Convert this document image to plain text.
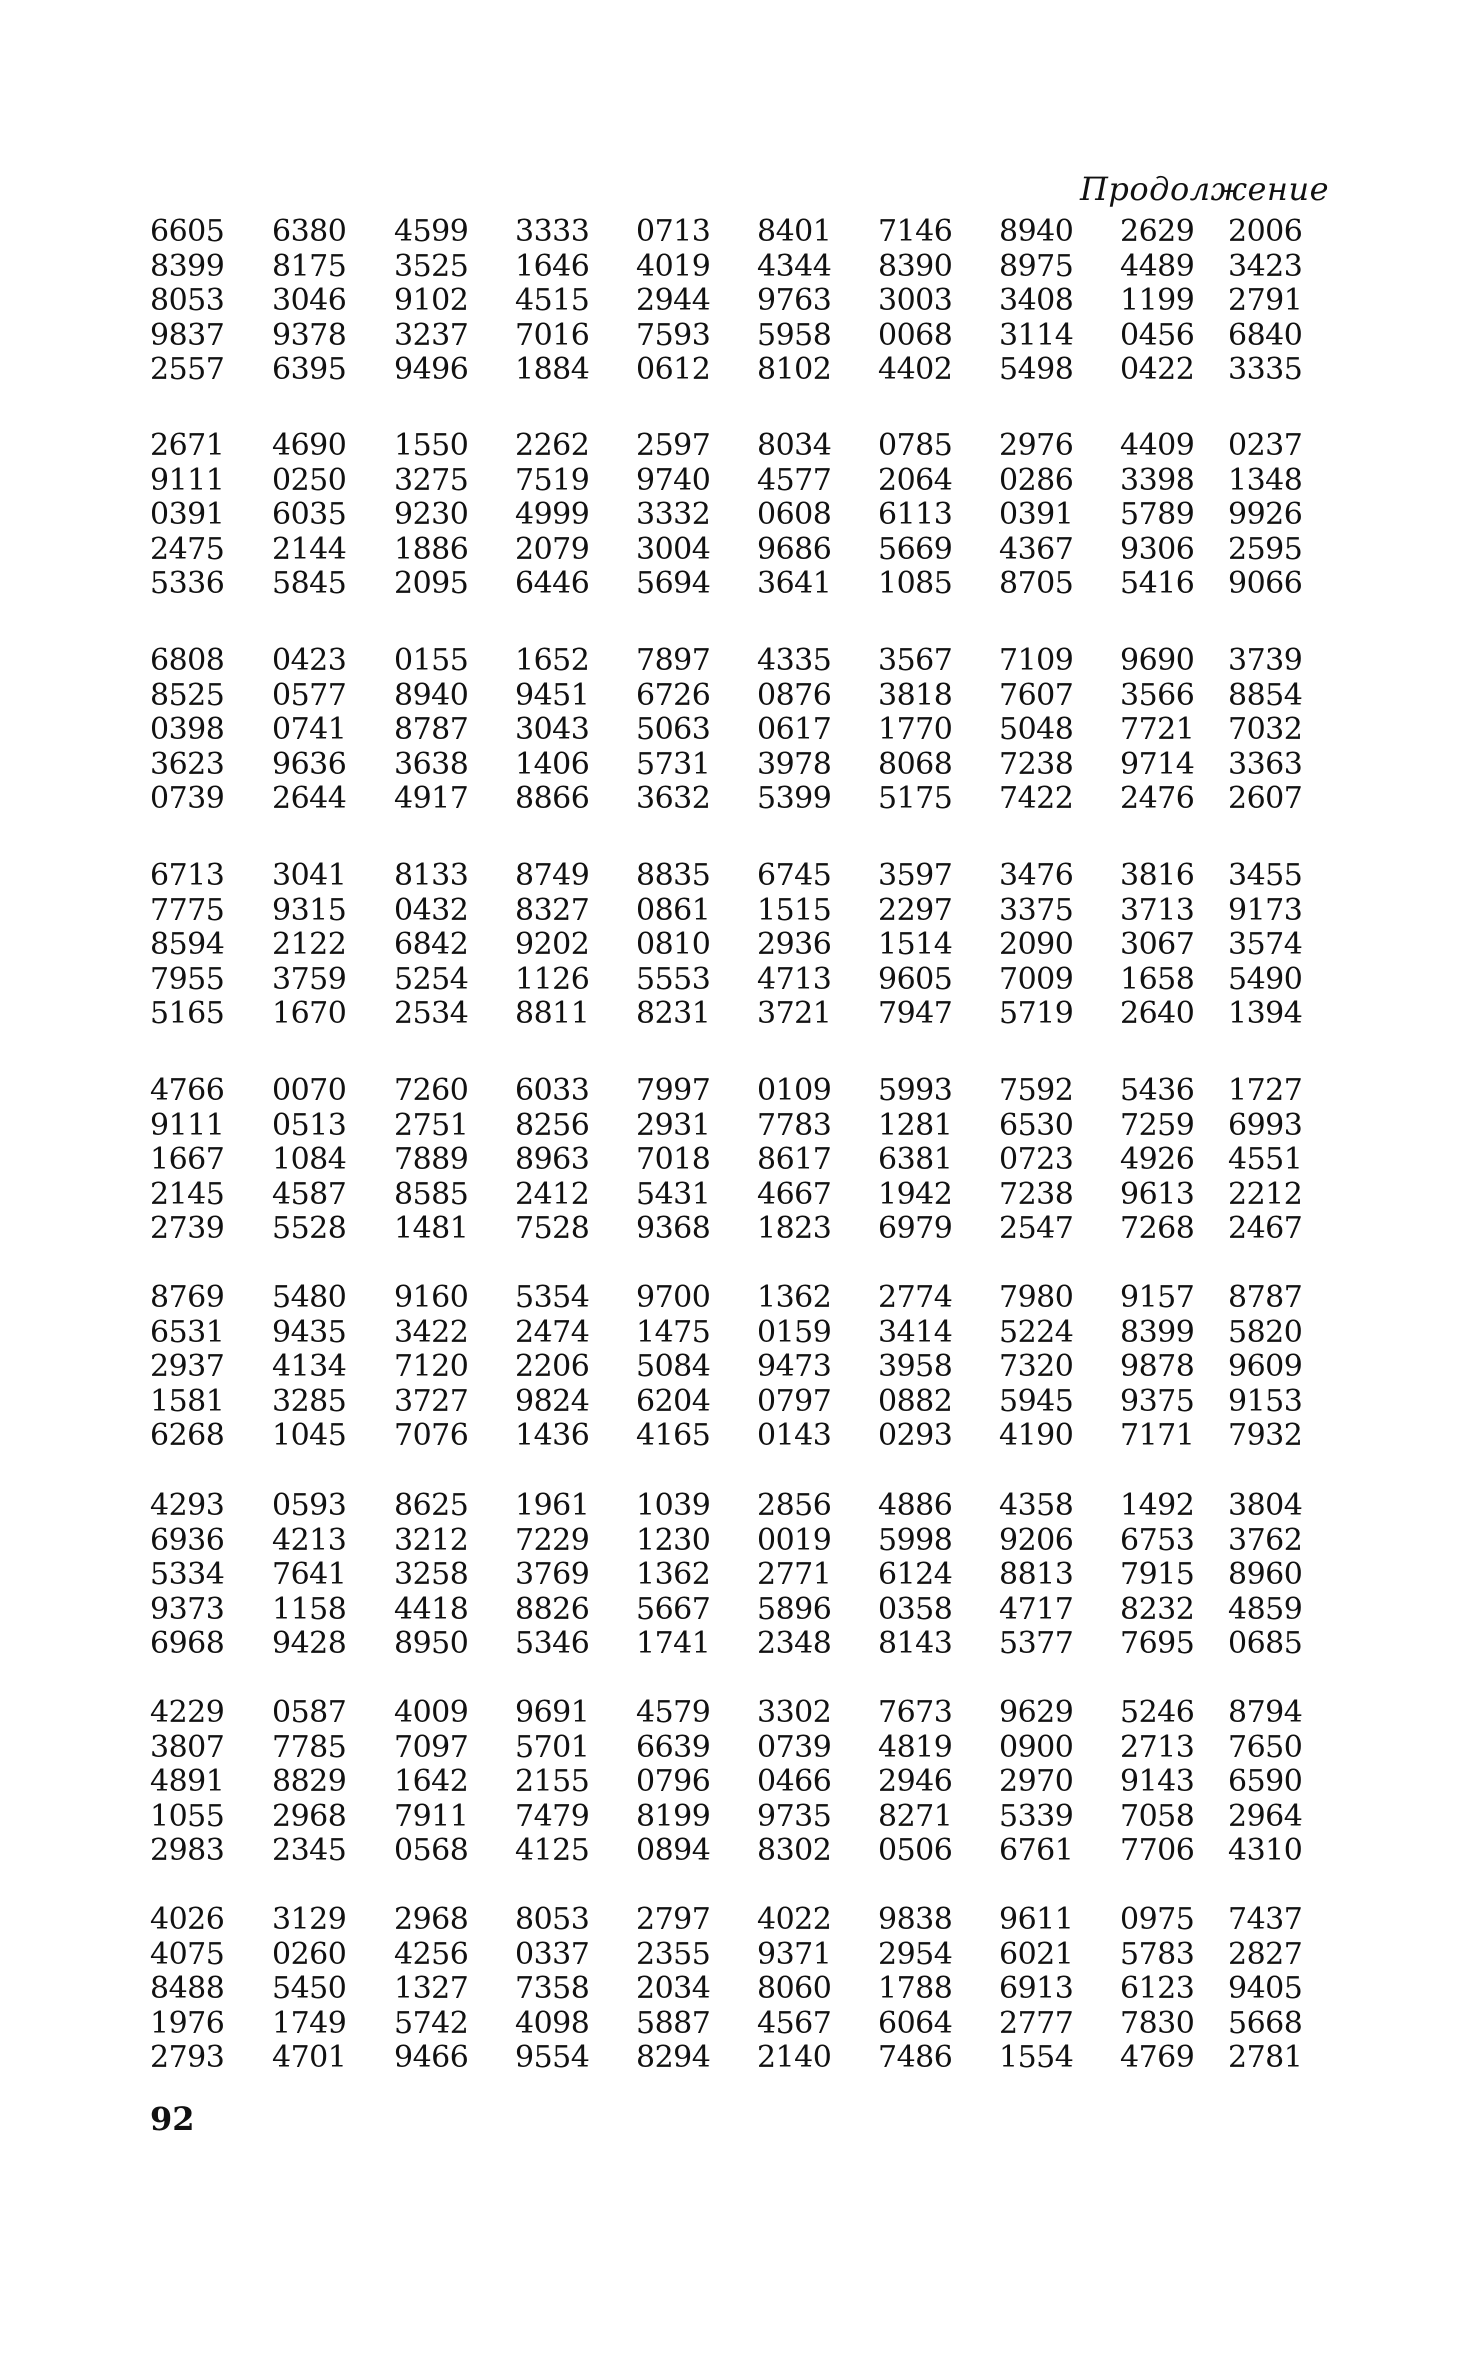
Продолжение
6605	6380	4599	3333	0713	8401	7146	8940	2629	2006
8399	8175	3525	1646	4019	4344	8390	8975	4489	3423
8053	3046	9102	4515	2944	9763	3003	3408	1199	2791
9837	9378	3237	7016	7593	5958	0068	3114	0456	6840
2557	6395	9496	1884	0612	8102	4402	5498	0422	3335
2671	4690	1550	2262	2597	8034	0785	2976	4409	0237
9111	0250	3275	7519	9740	4577	2064	0286	3398	1348
0391	6035	9230	4999	3332	0608	6113	0391	5789	9926
2475	2144	1886	2079	3004	9686	5669	4367	9306	2595
5336	5845	2095	6446	5694	3641	1085	8705	5416	9066
6808	0423	0155	1652	7897	4335	3567	7109	9690	3739
8525	0577	8940	9451	6726	0876	3818	7607	3566	8854
0398	0741	8787	3043	5063	0617	1770	5048	7721	7032
3623	9636	3638	1406	5731	3978	8068	7238	9714	3363
0739	2644	4917	8866	3632	5399	5175	7422	2476	2607
6713	3041	8133	8749	8835	6745	3597	3476	3816	3455
7775	9315	0432	8327	0861	1515	2297	3375	3713	9173
8594	2122	6842	9202	0810	2936	1514	2090	3067	3574
7955	3759	5254	1126	5553	4713	9605	7009	1658	5490
5165	1670	2534	8811	8231	3721	7947	5719	2640	1394
4766	0070	7260	6033	7997	0109	5993	7592	5436	1727
9111	0513	2751	8256	2931	7783	1281	6530	7259	6993
1667	1084	7889	8963	7018	8617	6381	0723	4926	4551
2145	4587	8585	2412	5431	4667	1942	7238	9613	2212
2739	5528	1481	7528	9368	1823	6979	2547	7268	2467
8769	5480	9160	5354	9700	1362	2774	7980	9157	8787
6531	9435	3422	2474	1475	0159	3414	5224	8399	5820
2937	4134	7120	2206	5084	9473	3958	7320	9878	9609
1581	3285	3727	9824	6204	0797	0882	5945	9375	9153
6268	1045	7076	1436	4165	0143	0293	4190	7171	7932
4293	0593	8625	1961	1039	2856	4886	4358	1492	3804
6936	4213	3212	7229	1230	0019	5998	9206	6753	3762
5334	7641	3258	3769	1362	2771	6124	8813	7915	8960
9373	1158	4418	8826	5667	5896	0358	4717	8232	4859
6968	9428	8950	5346	1741	2348	8143	5377	7695	0685
4229	0587	4009	9691	4579	3302	7673	9629	5246	8794
3807	7785	7097	5701	6639	0739	4819	0900	2713	7650
4891	8829	1642	2155	0796	0466	2946	2970	9143	6590
1055	2968	7911	7479	8199	9735	8271	5339	7058	2964
2983	2345	0568	4125	0894	8302	0506	6761	7706	4310
4026	3129	2968	8053	2797	4022	9838	9611	0975	7437
4075	0260	4256	0337	2355	9371	2954	6021	5783	2827
8488	5450	1327	7358	2034	8060	1788	6913	6123	9405
1976	1749	5742	4098	5887	4567	6064	2777	7830	5668
2793	4701	9466	9554	8294	2140	7486	1554	4769	2781
92
